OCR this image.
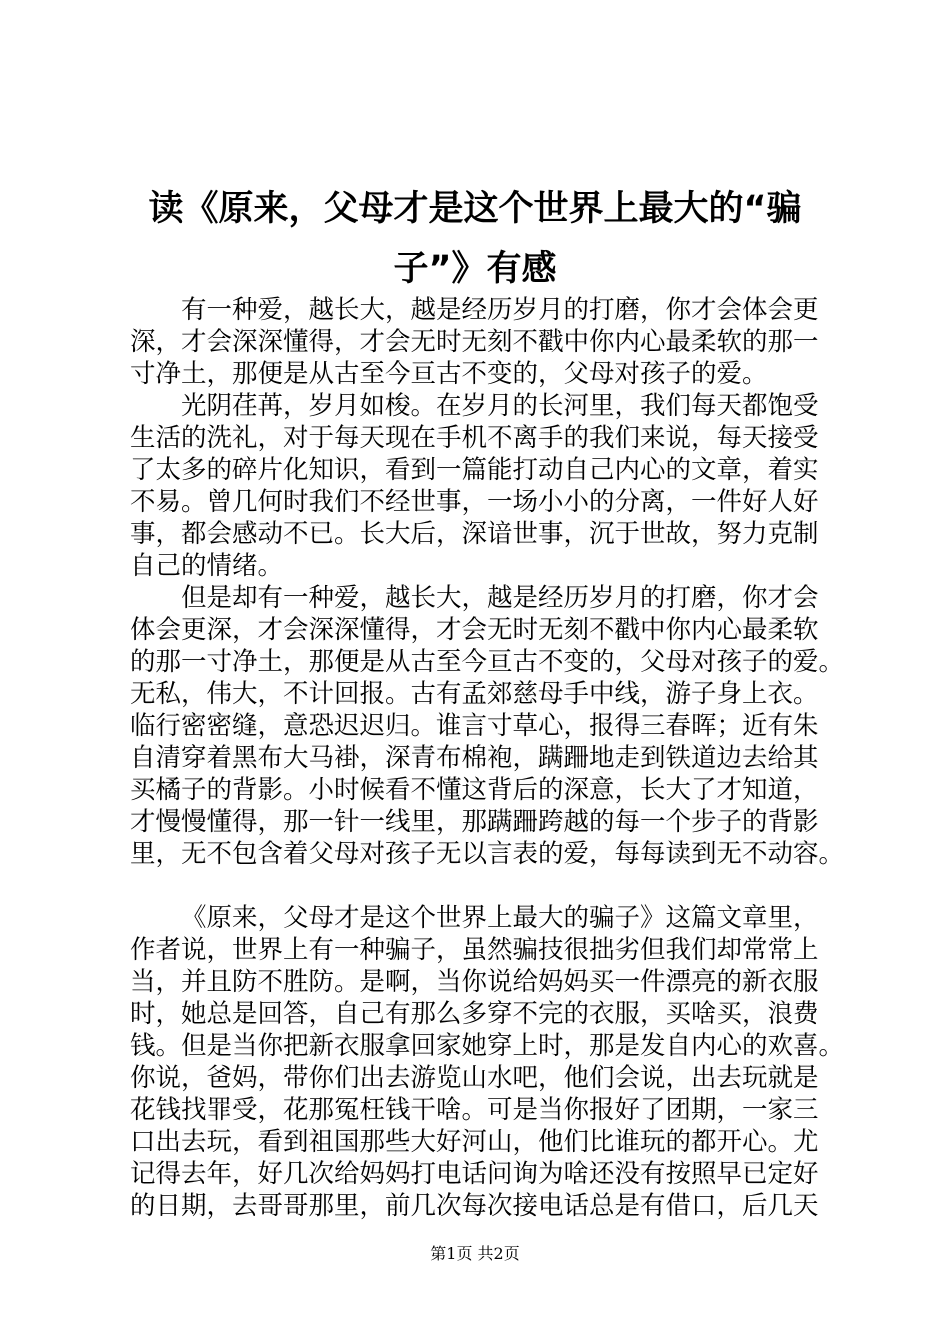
读《原来，父母才是这个世界上最大的“骗
子”》有感
有一种爱，越长大，越是经历岁月的打磨，你才会体会更
深，才会深深懂得，才会无时无刻不戳中你内心最柔软的那一
寸净土，那便是从古至今亘古不变的，父母对孩子的爱。
光阴荏苒，岁月如梭。在岁月的长河里，我们每天都饱受
生活的洗礼，对于每天现在手机不离手的我们来说，每天接受
了太多的碎片化知识，看到一篇能打动自己内心的文章，着实
不易。曾几何时我们不经世事，一场小小的分离，一件好人好
事，都会感动不已。长大后，深谙世事，沉于世故，努力克制
自己的情绪。
但是却有一种爱，越长大，越是经历岁月的打磨，你才会
体会更深，才会深深懂得，才会无时无刻不戳中你内心最柔软
的那一寸净土，那便是从古至今亘古不变的，父母对孩子的爱。
无私，伟大，不计回报。古有孟郊慈母手中线，游子身上衣。
临行密密缝，意恐迟迟归。谁言寸草心，报得三春晖；近有朱
自清穿着黑布大马褂，深青布棉袍，蹒跚地走到铁道边去给其
买橘子的背影。小时候看不懂这背后的深意，长大了才知道，
才慢慢懂得，那一针一线里，那蹒跚跨越的每一个步子的背影
里，无不包含着父母对孩子无以言表的爱，每每读到无不动容。
《原来，父母才是这个世界上最大的骗子》这篇文章里，
作者说，世界上有一种骗子，虽然骗技很拙劣但我们却常常上
当，并且防不胜防。是啊，当你说给妈妈买一件漂亮的新衣服
时，她总是回答，自己有那么多穿不完的衣服，买啥买，浪费
钱。但是当你把新衣服拿回家她穿上时，那是发自内心的欢喜。
你说，爸妈，带你们出去游览山水吧，他们会说，出去玩就是
花钱找罪受，花那冤枉钱干啥。可是当你报好了团期，一家三
口出去玩，看到祖国那些大好河山，他们比谁玩的都开心。尤
记得去年，好几次给妈妈打电话问询为啥还没有按照早已定好
的日期，去哥哥那里，前几次每次接电话总是有借口，后几天
第1页 共2页
